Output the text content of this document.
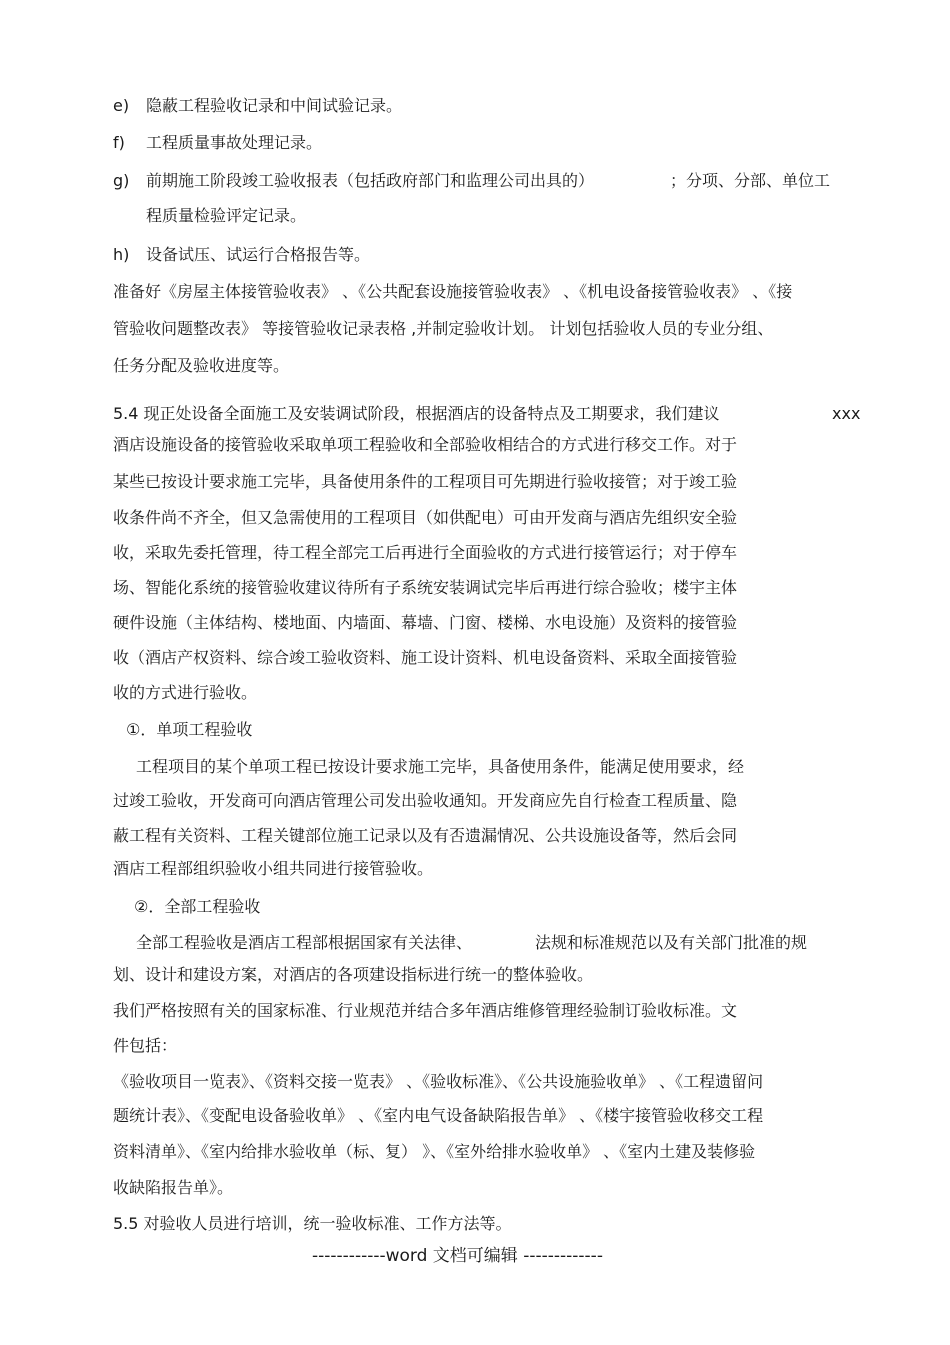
e) 隐蔽工程验收记录和中间试验记录。
f) 工程质量事故处理记录。
g) 前期施工阶段竣工验收报表（包括政府部门和监理公司出具的）	；分项、分部、单位工
程质量检验评定记录。
h) 设备试压、试运行合格报告等。
准备好《房屋主体接管验收表》 、《公共配套设施接管验收表》 、《机电设备接管验收表》 、《接
管验收问题整改表》 等接管验收记录表格 ,并制定验收计划。 计划包括验收人员的专业分组、
任务分配及验收进度等。
5.4 现正处设备全面施工及安装调试阶段，根据酒店的设备特点及工期要求，我们建议	xxx
酒店设施设备的接管验收采取单项工程验收和全部验收相结合的方式进行移交工作。对于
某些已按设计要求施工完毕，具备使用条件的工程项目可先期进行验收接管；对于竣工验
收条件尚不齐全，但又急需使用的工程项目（如供配电）可由开发商与酒店先组织安全验
收，采取先委托管理，待工程全部完工后再进行全面验收的方式进行接管运行；对于停车
场、智能化系统的接管验收建议待所有子系统安装调试完毕后再进行综合验收；楼宇主体
硬件设施（主体结构、楼地面、内墙面、幕墙、门窗、楼梯、水电设施）及资料的接管验
收（酒店产权资料、综合竣工验收资料、施工设计资料、机电设备资料、采取全面接管验
收的方式进行验收。
①．单项工程验收
工程项目的某个单项工程已按设计要求施工完毕，具备使用条件，能满足使用要求，经
过竣工验收，开发商可向酒店管理公司发出验收通知。开发商应先自行检查工程质量、隐
蔽工程有关资料、工程关键部位施工记录以及有否遗漏情况、公共设施设备等，然后会同
酒店工程部组织验收小组共同进行接管验收。
②．全部工程验收
全部工程验收是酒店工程部根据国家有关法律、	法规和标准规范以及有关部门批准的规
划、设计和建设方案，对酒店的各项建设指标进行统一的整体验收。
我们严格按照有关的国家标准、行业规范并结合多年酒店维修管理经验制订验收标准。文
件包括：
《验收项目一览表》、《资料交接一览表》 、《验收标准》、《公共设施验收单》 、《工程遗留问
题统计表》、《变配电设备验收单》 、《室内电气设备缺陷报告单》 、《楼宇接管验收移交工程
资料清单》、《室内给排水验收单（标、复） 》、《室外给排水验收单》 、《室内土建及装修验
收缺陷报告单》。
5.5 对验收人员进行培训，统一验收标准、工作方法等。
------------word 文档可编辑 -------------
